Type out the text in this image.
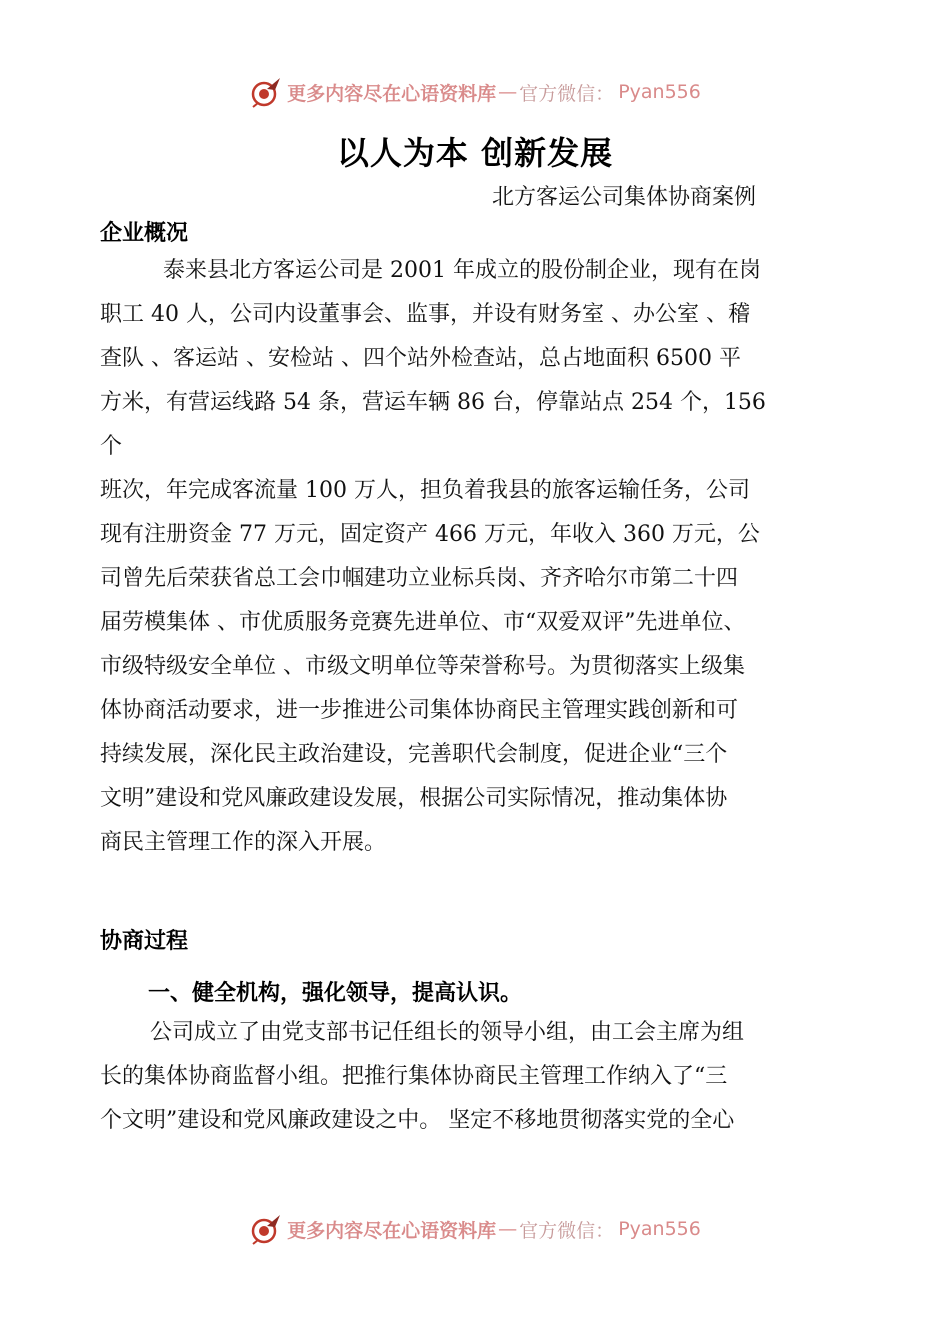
更多内容尽在心语资料库 — 官方微信： Pyan556
以人为本 创新发展
北方客运公司集体协商案例
企业概况
泰来县北方客运公司是 2001 年成立的股份制企业，现有在岗
职工 40 人，公司内设董事会、监事，并设有财务室 、办公室 、稽
查队 、客运站 、安检站 、四个站外检查站，总占地面积 6500 平
方米，有营运线路 54 条，营运车辆 86 台，停靠站点 254 个，156
个
班次，年完成客流量 100 万人，担负着我县的旅客运输任务，公司
现有注册资金 77 万元，固定资产 466 万元，年收入 360 万元，公
司曾先后荣获省总工会巾帼建功立业标兵岗、齐齐哈尔市第二十四
届劳模集体 、市优质服务竞赛先进单位、市“双爱双评”先进单位、
市级特级安全单位 、市级文明单位等荣誉称号。为贯彻落实上级集
体协商活动要求，进一步推进公司集体协商民主管理实践创新和可
持续发展，深化民主政治建设，完善职代会制度，促进企业“三个
文明”建设和党风廉政建设发展，根据公司实际情况，推动集体协
商民主管理工作的深入开展。
协商过程
一、健全机构，强化领导，提高认识。
公司成立了由党支部书记任组长的领导小组，由工会主席为组
长的集体协商监督小组。把推行集体协商民主管理工作纳入了“三
个文明”建设和党风廉政建设之中。 坚定不移地贯彻落实党的全心
更多内容尽在心语资料库 — 官方微信： Pyan556
